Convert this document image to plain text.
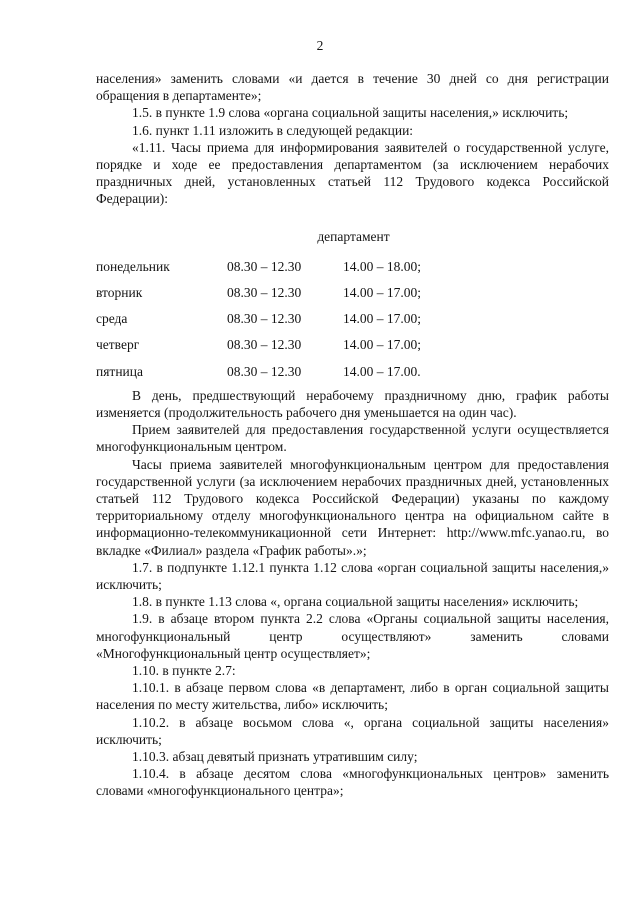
2

населения» заменить словами «и дается в течение 30 дней со дня регистрации обращения в департаменте»;

1.5. в пункте 1.9 слова «органа социальной защиты населения,» исключить;

1.6. пункт 1.11 изложить в следующей редакции:

«1.11. Часы приема для информирования заявителей о государственной услуге, порядке и ходе ее предоставления департаментом (за исключением нерабочих праздничных дней, установленных статьей 112 Трудового кодекса Российской Федерации):

департамент
понедельник	08.30 – 12.30	14.00 – 18.00;
вторник	08.30 – 12.30	14.00 – 17.00;
среда	08.30 – 12.30	14.00 – 17.00;
четверг	08.30 – 12.30	14.00 – 17.00;
пятница	08.30 – 12.30	14.00 – 17.00.

В день, предшествующий нерабочему праздничному дню, график работы изменяется (продолжительность рабочего дня уменьшается на один час).

Прием заявителей для предоставления государственной услуги осуществляется многофункциональным центром.

Часы приема заявителей многофункциональным центром для предоставления государственной услуги (за исключением нерабочих праздничных дней, установленных статьей 112 Трудового кодекса Российской Федерации) указаны по каждому территориальному отделу многофункционального центра на официальном сайте в информационно-телекоммуникационной сети Интернет: http://www.mfc.yanao.ru, во вкладке «Филиал» раздела «График работы».»;

1.7. в подпункте 1.12.1 пункта 1.12 слова «орган социальной защиты населения,» исключить;

1.8. в пункте 1.13 слова «, органа социальной защиты населения» исключить;

1.9. в абзаце втором пункта 2.2 слова «Органы социальной защиты населения, многофункциональный центр осуществляют» заменить словами «Многофункциональный центр осуществляет»;

1.10. в пункте 2.7:

1.10.1. в абзаце первом слова «в департамент, либо в орган социальной защиты населения по месту жительства, либо» исключить;

1.10.2. в абзаце восьмом слова «, органа социальной защиты населения» исключить;

1.10.3. абзац девятый признать утратившим силу;

1.10.4. в абзаце десятом слова «многофункциональных центров» заменить словами «многофункционального центра»;
